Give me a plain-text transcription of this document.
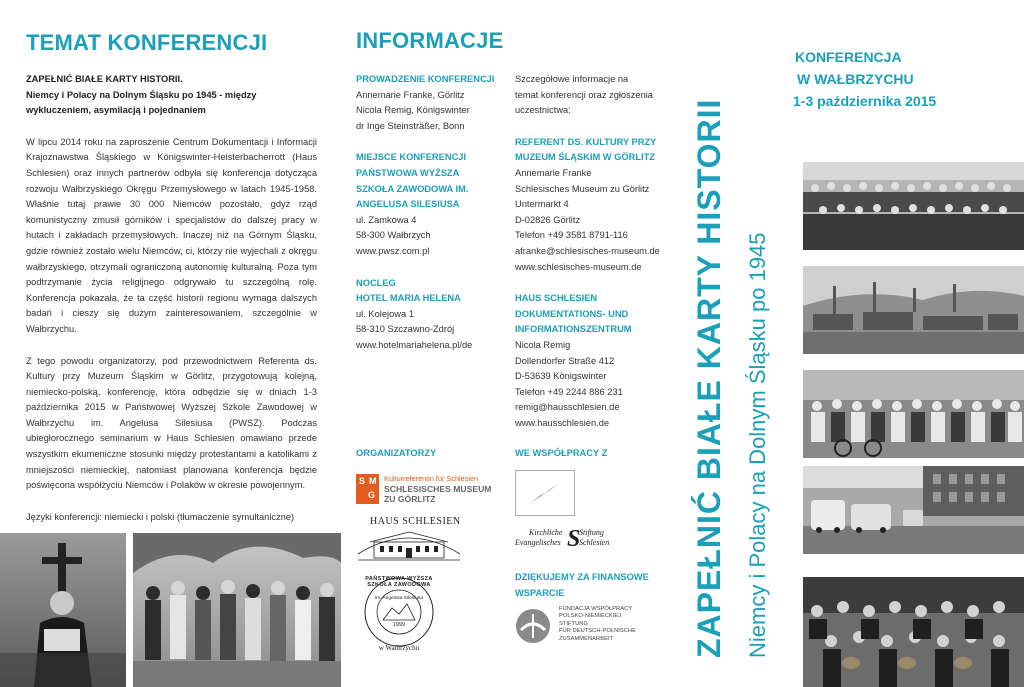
TEMAT KONFERENCJI

ZAPEŁNIĆ BIAŁE KARTY HISTORII.

Niemcy i Polacy na Dolnym Śląsku po 1945 - między wykluczeniem, asymilacją i pojednaniem

W lipcu 2014 roku na zaproszenie Centrum Dokumentacji i Informacji Krajoznawstwa Śląskiego w Königswinter-Heisterbacherrott (Haus Schlesien) oraz innych partnerów odbyła się konferencja dotycząca rozwoju Wałbrzyskiego Okręgu Przemysłowego w latach 1945-1958. Właśnie tutaj prawie 30 000 Niemców pozostało, gdyż rząd komunistyczny zmusił górników i specjalistów do dalszej pracy w hutach i zakładach przemysłowych. Inaczej niż na Górnym Śląsku, gdzie również zostało wielu Niemców, ci, którzy nie wyjechali z okręgu wałbrzyskiego, otrzymali ograniczoną autonomię kulturalną. Poza tym podtrzymanie życia religijnego odgrywało tu szczególną rolę. Konferencja pokazała, że ta część historii regionu wymaga dalszych badań i cieszy się dużym zainteresowaniem, szczególnie w Wałbrzychu.

Z tego powodu organizatorzy, pod przewodnictwem Referenta ds. Kultury przy Muzeum Śląskim w Görlitz, przygotowują kolejną, niemiecko-polską, konferencję, która odbędzie się w dniach 1-3 października 2015 w Państwowej Wyższej Szkole Zawodowej w Wałbrzychu im. Angelusa Silesiusa (PWSZ). Podczas ubiegłorocznego seminarium w Haus Schlesien omawiano przede wszystkim ekumeniczne stosunki między protestantami a katolikami z mniejszości niemieckiej, natomiast planowana konferencja będzie poświęcona współżyciu Niemców i Polaków w okresie powojennym.

Języki konferencji: niemiecki i polski (tłumaczenie symultaniczne)

INFORMACJE

PROWADZENIE KONFERENCJI

Annemarie Franke, Görlitz

Nicola Remig, Königswinter

dr Inge Steinsträßer, Bonn

MIEJSCE KONFERENCJI

PAŃSTWOWA WYŻSZA

SZKOŁA ZAWODOWA IM.

ANGELUSA SILESIUSA

ul. Zamkowa 4

58-300 Wałbrzych

www.pwsz.com.pl

NOCLEG

HOTEL MARIA HELENA

ul. Kolejowa 1

58-310 Szczawno-Zdrój

www.hotelmariahelena.pl/de

ORGANIZATORZY

Szczegółowe informacje na

temat konferencji oraz zgłoszenia

uczestnictwa:

REFERENT DS. KULTURY PRZY

MUZEUM ŚLĄSKIM W GÖRLITZ

Annemarie Franke

Schlesisches Museum zu Görlitz

Untermarkt 4

D-02826 Görlitz

Telefon +49 3581 8791-116

afranke@schlesisches-museum.de

www.schlesisches-museum.de

HAUS SCHLESIEN

DOKUMENTATIONS- UND

INFORMATIONSZENTRUM

Nicola Remig

Dollendorfer Straße 412

D-53639 Königswinter

Telefon +49 2244 886 231

remig@hausschlesien.de

www.hausschlesien.de

WE WSPÓŁPRACY Z

DZIĘKUJEMY ZA FINANSOWE

WSPARCIE

S
G
M Kulturreferentin für Schlesien
SCHLESISCHES MUSEUM
ZU GÖRLITZ
HAUS SCHLESIEN
PAŃSTWOWA WYŻSZA SZKOŁA ZAWODOWA
im. Angelusa Silesiusa
1999
w Wałbrzychu
Kirchliche
Evangelisches S
Stiftung
Schlesien
FUNDACJA WSPÓŁPRACY
POLSKO-NIEMIECKIEJ
STIFTUNG
FÜR DEUTSCH-POLNISCHE
ZUSAMMENARBEIT	ZAPEŁNIĆ BIAŁE KARTY HISTORII Niemcy i Polacy na Dolnym Śląsku po 1945

KONFERENCJA

W WAŁBRZYCHU

1-3 października 2015
